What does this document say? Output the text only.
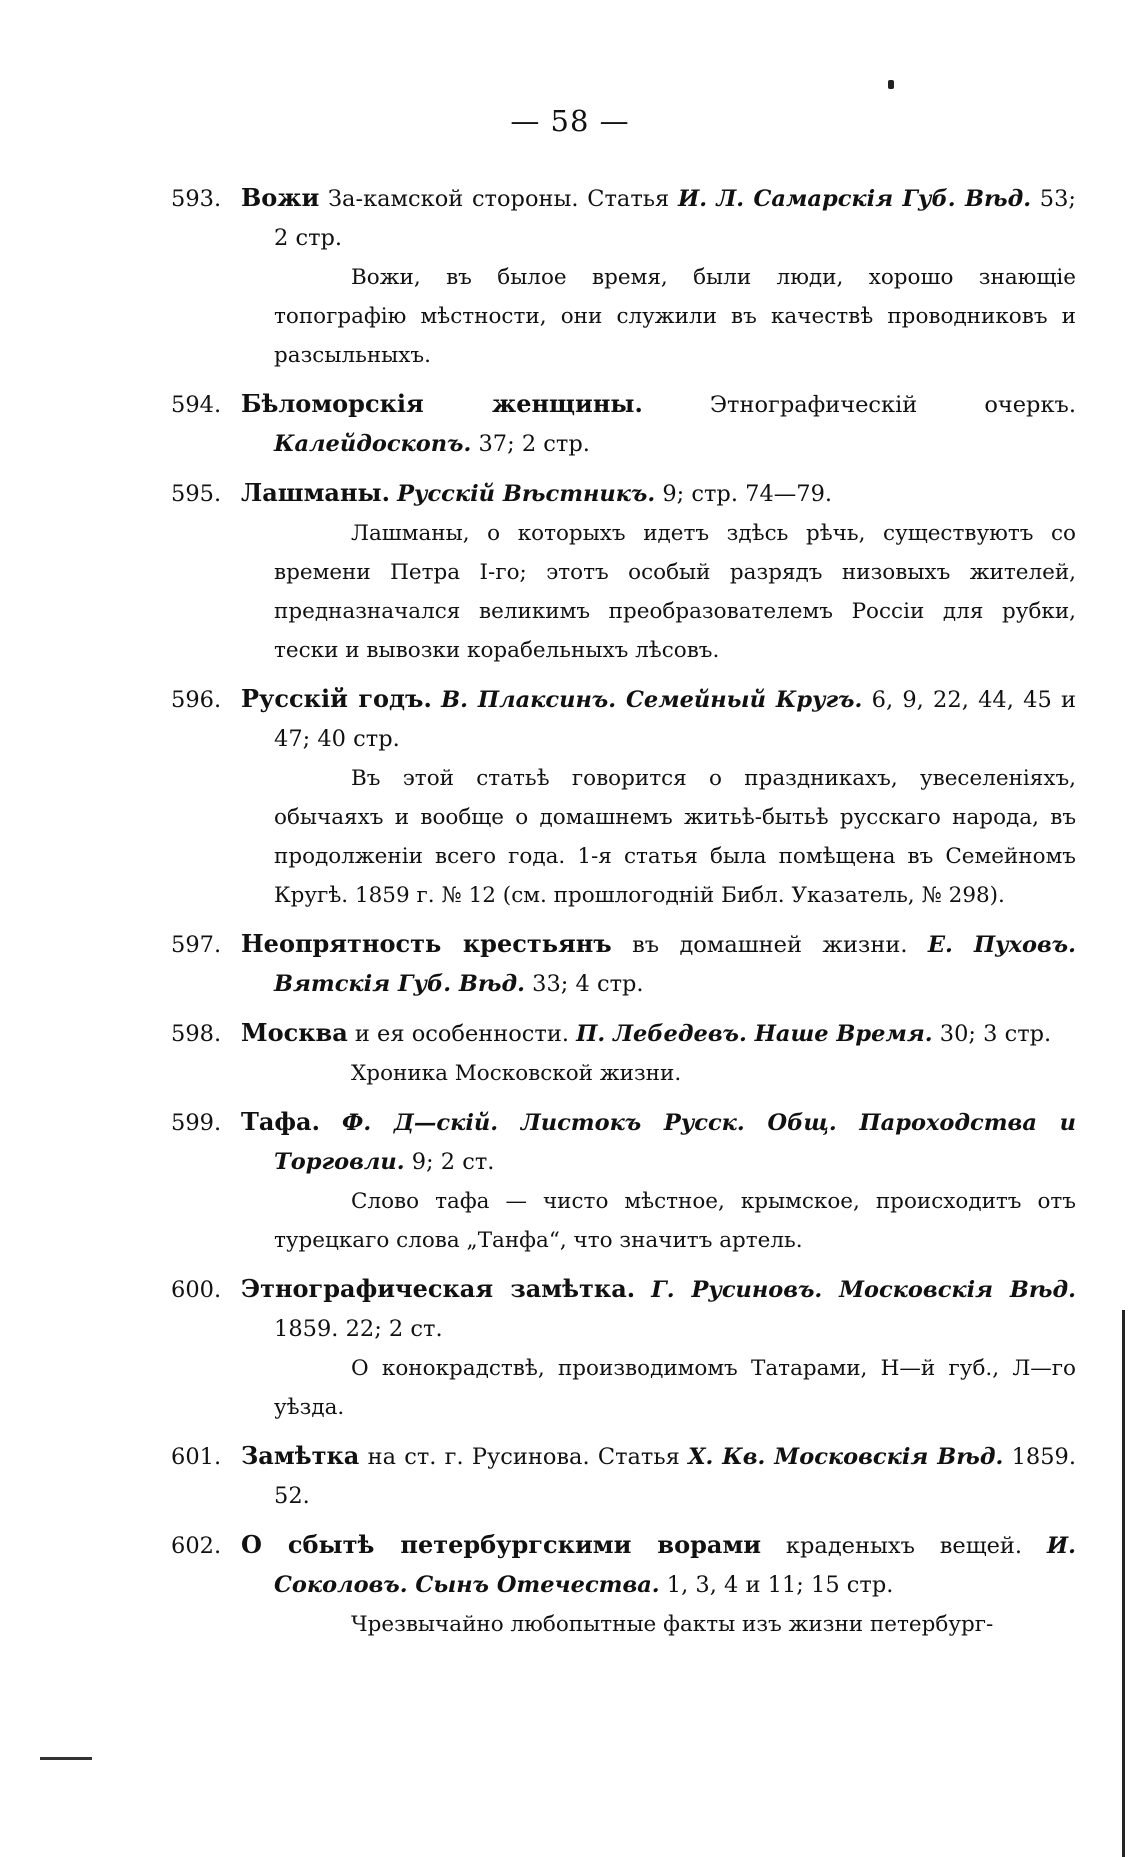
— 58 —
593. Вожи За-камской стороны. Статья И. Л. Самарскія Губ. Вѣд. 53; 2 стр.
Вожи, въ былое время, были люди, хорошо знающіе топографію мѣстности, они служили въ качествѣ проводниковъ и разсыльныхъ.
594. Бѣломорскія женщины. Этнографическій очеркъ. Калейдоскопъ. 37; 2 стр.
595. Лашманы. Русскій Вѣстникъ. 9; стр. 74—79.
Лашманы, о которыхъ идетъ здѣсь рѣчь, существуютъ со времени Петра І-го; этотъ особый разрядъ низовыхъ жителей, предназначался великимъ преобразователемъ Россіи для рубки, тески и вывозки корабельныхъ лѣсовъ.
596. Русскій годъ. В. Плаксинъ. Семейный Кругъ. 6, 9, 22, 44, 45 и 47; 40 стр.
Въ этой статьѣ говорится о праздникахъ, увеселеніяхъ, обычаяхъ и вообще о домашнемъ житьѣ-бытьѣ русскаго народа, въ продолженіи всего года. 1-я статья была помѣщена въ Семейномъ Кругѣ. 1859 г. № 12 (см. прошлогодній Библ. Указатель, № 298).
597. Неопрятность крестьянъ въ домашней жизни. Е. Пуховъ. Вятскія Губ. Вѣд. 33; 4 стр.
598. Москва и ея особенности. П. Лебедевъ. Наше Время. 30; 3 стр.
Хроника Московской жизни.
599. Тафа. Ф. Д—скій. Листокъ Русск. Общ. Пароходства и Торговли. 9; 2 ст.
Слово тафа — чисто мѣстное, крымское, происходитъ отъ турецкаго слова „Танфа“, что значитъ артель.
600. Этнографическая замѣтка. Г. Русиновъ. Московскія Вѣд. 1859. 22; 2 ст.
О конокрадствѣ, производимомъ Татарами, Н—й губ., Л—го уѣзда.
601. Замѣтка на ст. г. Русинова. Статья Х. Кв. Московскія Вѣд. 1859. 52.
602. О сбытѣ петербургскими ворами краденыхъ вещей. И. Соколовъ. Сынъ Отечества. 1, 3, 4 и 11; 15 стр.
Чрезвычайно любопытные факты изъ жизни петербург-
